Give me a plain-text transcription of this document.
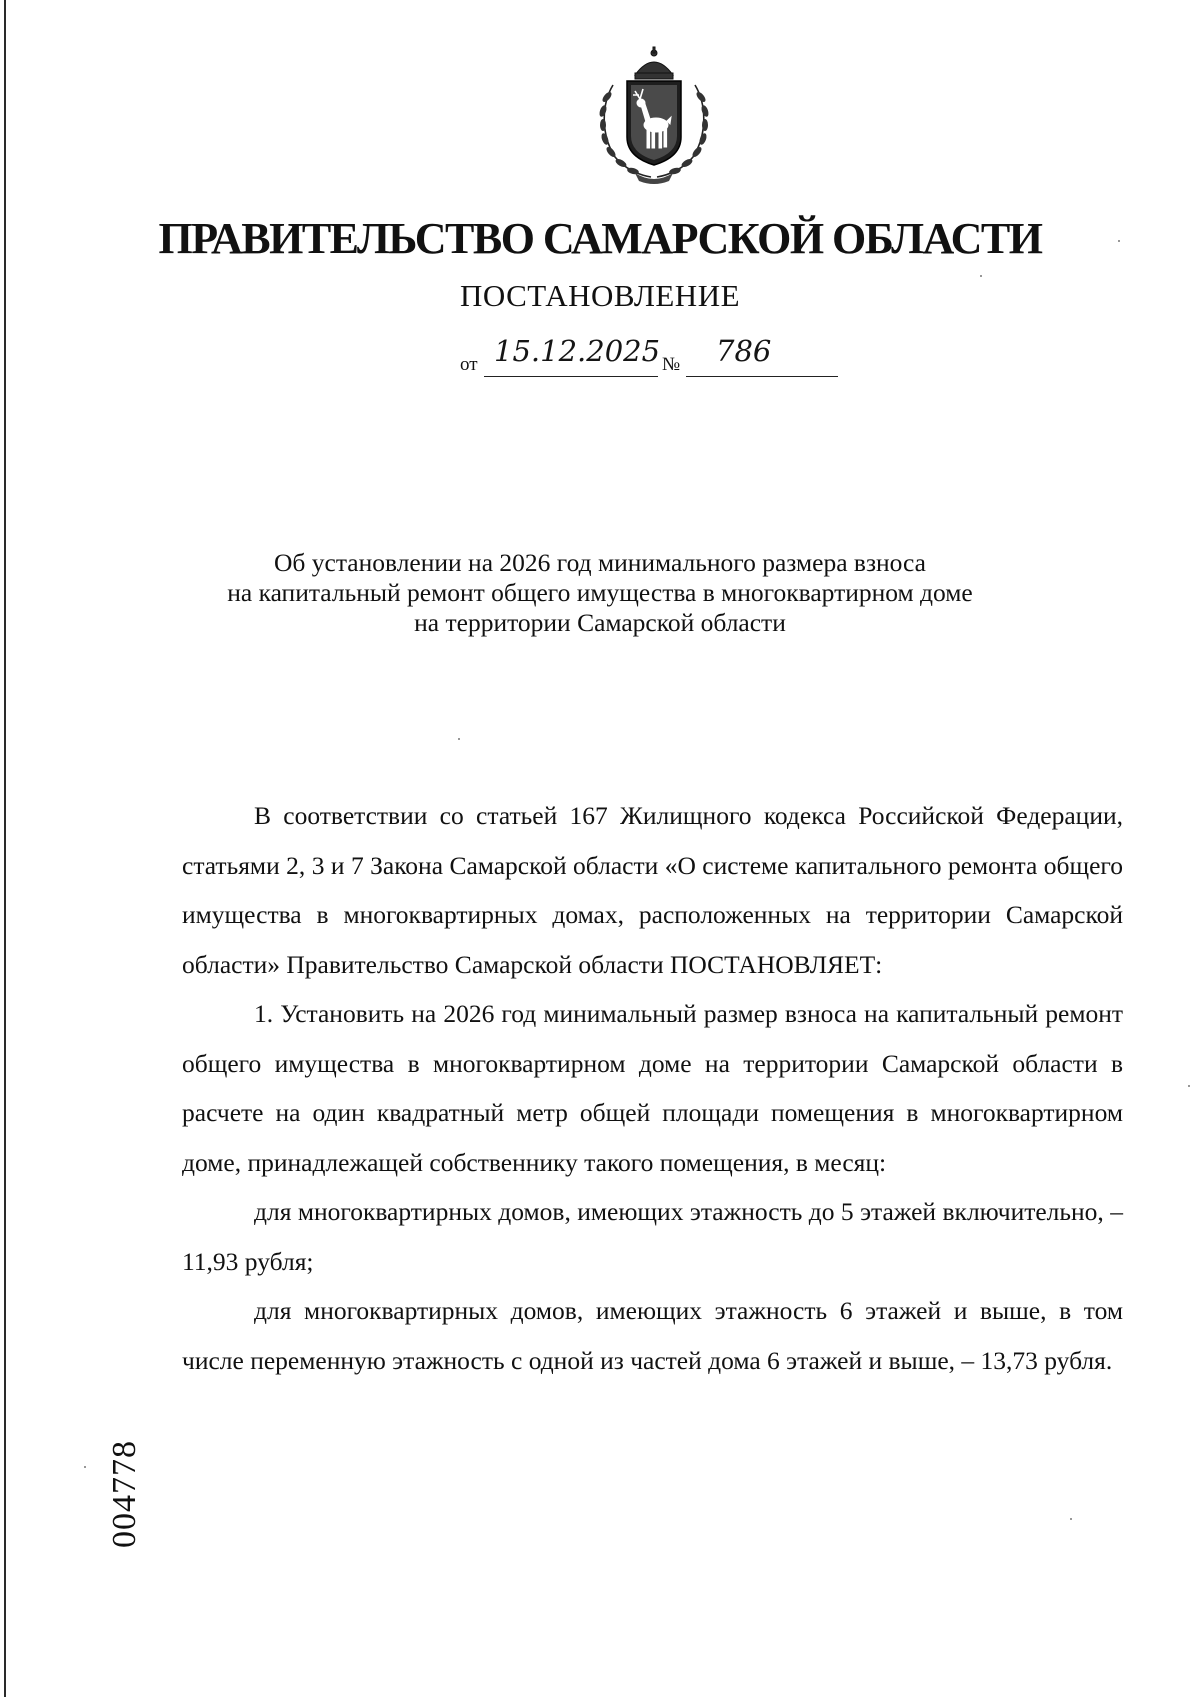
ПРАВИТЕЛЬСТВО САМАРСКОЙ ОБЛАСТИ
ПОСТАНОВЛЕНИЕ
от 15.12.2025 № 786
Об установлении на 2026 год минимального размера взноса
на капитальный ремонт общего имущества в многоквартирном доме
на территории Самарской области

В соответствии со статьей 167 Жилищного кодекса Российской Федерации, статьями 2, 3 и 7 Закона Самарской области «О системе капитального ремонта общего имущества в многоквартирных домах, расположенных на территории Самарской области» Правительство Самарской области ПОСТАНОВЛЯЕТ:

1. Установить на 2026 год минимальный размер взноса на капитальный ремонт общего имущества в многоквартирном доме на территории Самарской области в расчете на один квадратный метр общей площади помещения в многоквартирном доме, принадлежащей собственнику такого помещения, в месяц:

для многоквартирных домов, имеющих этажность до 5 этажей включительно, – 11,93 рубля;

для многоквартирных домов, имеющих этажность 6 этажей и выше, в том числе переменную этажность с одной из частей дома 6 этажей и выше, – 13,73 рубля.

004778
